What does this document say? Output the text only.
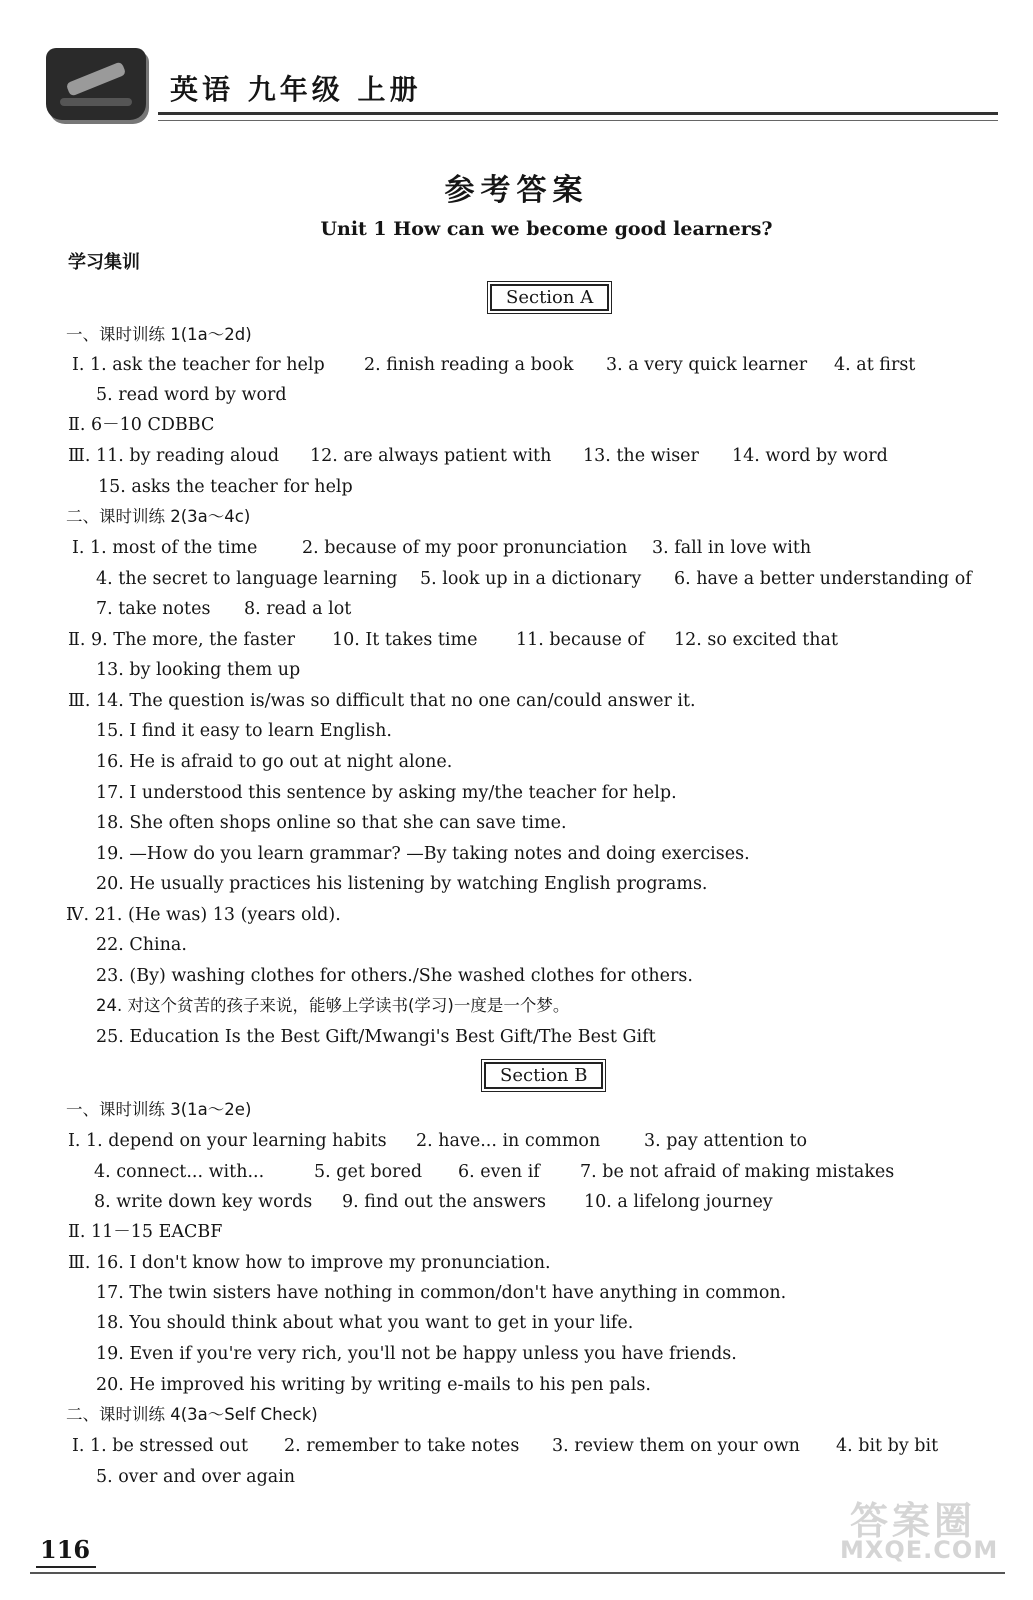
英语 九年级 上册
参考答案
Unit 1 How can we become good learners?
学习集训
Section A
一、课时训练 1(1a～2d)
Ⅰ. 1. ask the teacher for help 2. finish reading a book 3. a very quick learner 4. at first
5. read word by word
Ⅱ. 6－10 CDBBC
Ⅲ. 11. by reading aloud 12. are always patient with 13. the wiser 14. word by word
15. asks the teacher for help
二、课时训练 2(3a～4c)
Ⅰ. 1. most of the time	2. because of my poor pronunciation 3. fall in love with
4. the secret to language learning 5. look up in a dictionary 6. have a better understanding of
7. take notes 8. read a lot
Ⅱ. 9. The more, the faster 10. It takes time 11. because of 12. so excited that
13. by looking them up
Ⅲ. 14. The question is/was so difficult that no one can/could answer it.
15. I find it easy to learn English.
16. He is afraid to go out at night alone.
17. I understood this sentence by asking my/the teacher for help.
18. She often shops online so that she can save time.
19. —How do you learn grammar? —By taking notes and doing exercises.
20. He usually practices his listening by watching English programs.
Ⅳ. 21. (He was) 13 (years old).
22. China.
23. (By) washing clothes for others./She washed clothes for others.
24. 对这个贫苦的孩子来说，能够上学读书(学习)一度是一个梦。
25. Education Is the Best Gift/Mwangi's Best Gift/The Best Gift
Section B
一、课时训练 3(1a～2e)
Ⅰ. 1. depend on your learning habits 2. have... in common	3. pay attention to
4. connect... with...	5. get bored 6. even if 7. be not afraid of making mistakes
8. write down key words 9. find out the answers 10. a lifelong journey
Ⅱ. 11－15 EACBF
Ⅲ. 16. I don't know how to improve my pronunciation.
17. The twin sisters have nothing in common/don't have anything in common.
18. You should think about what you want to get in your life.
19. Even if you're very rich, you'll not be happy unless you have friends.
20. He improved his writing by writing e-mails to his pen pals.
二、课时训练 4(3a～Self Check)
Ⅰ. 1. be stressed out 2. remember to take notes 3. review them on your own 4. bit by bit
5. over and over again
116
答案圈
MXQE.COM
